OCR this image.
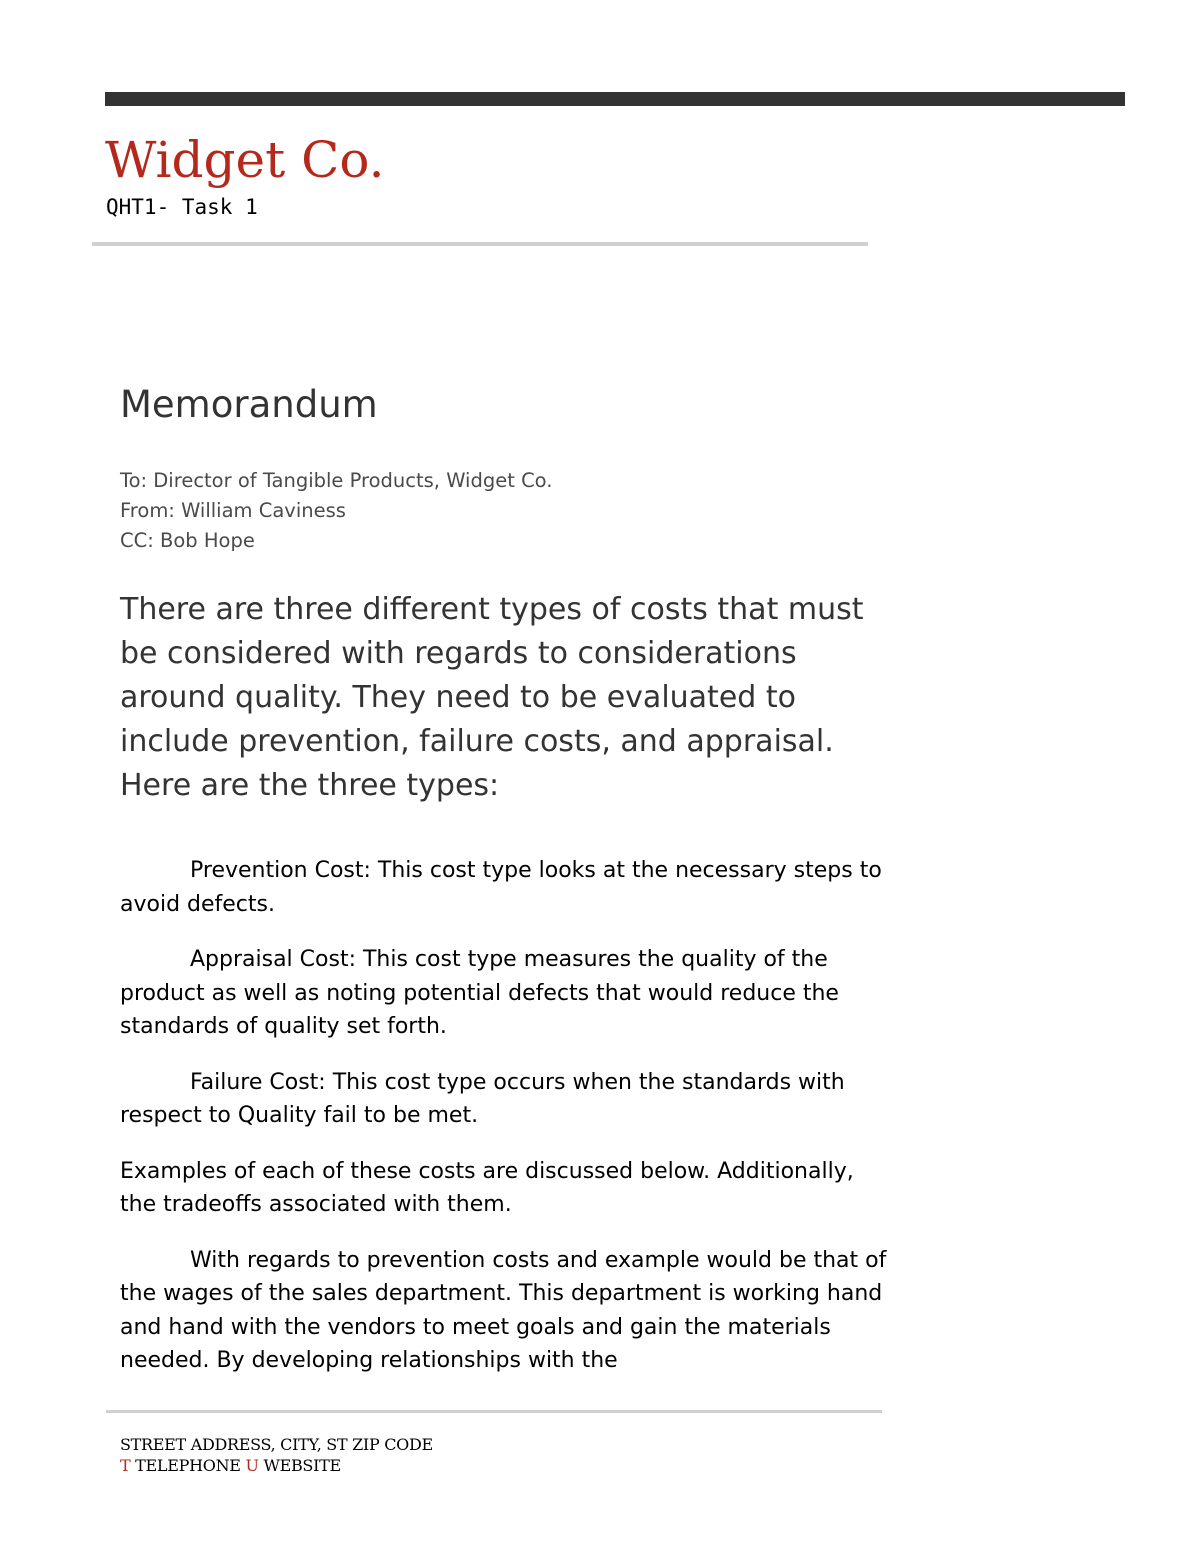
Widget Co.
QHT1- Task 1
Memorandum
To: Director of Tangible Products, Widget Co.
From: William Caviness
CC: Bob Hope

There are three different types of costs that must be considered with regards to considerations around quality. They need to be evaluated to include prevention, failure costs, and appraisal. Here are the three types:

Prevention Cost: This cost type looks at the necessary steps to avoid defects.

Appraisal Cost: This cost type measures the quality of the product as well as noting potential defects that would reduce the standards of quality set forth.

Failure Cost: This cost type occurs when the standards with respect to Quality fail to be met.

Examples of each of these costs are discussed below. Additionally, the tradeoffs associated with them.

With regards to prevention costs and example would be that of the wages of the sales department. This department is working hand and hand with the vendors to meet goals and gain the materials needed. By developing relationships with the

STREET ADDRESS, CITY, ST ZIP CODE
T TELEPHONE U WEBSITE
